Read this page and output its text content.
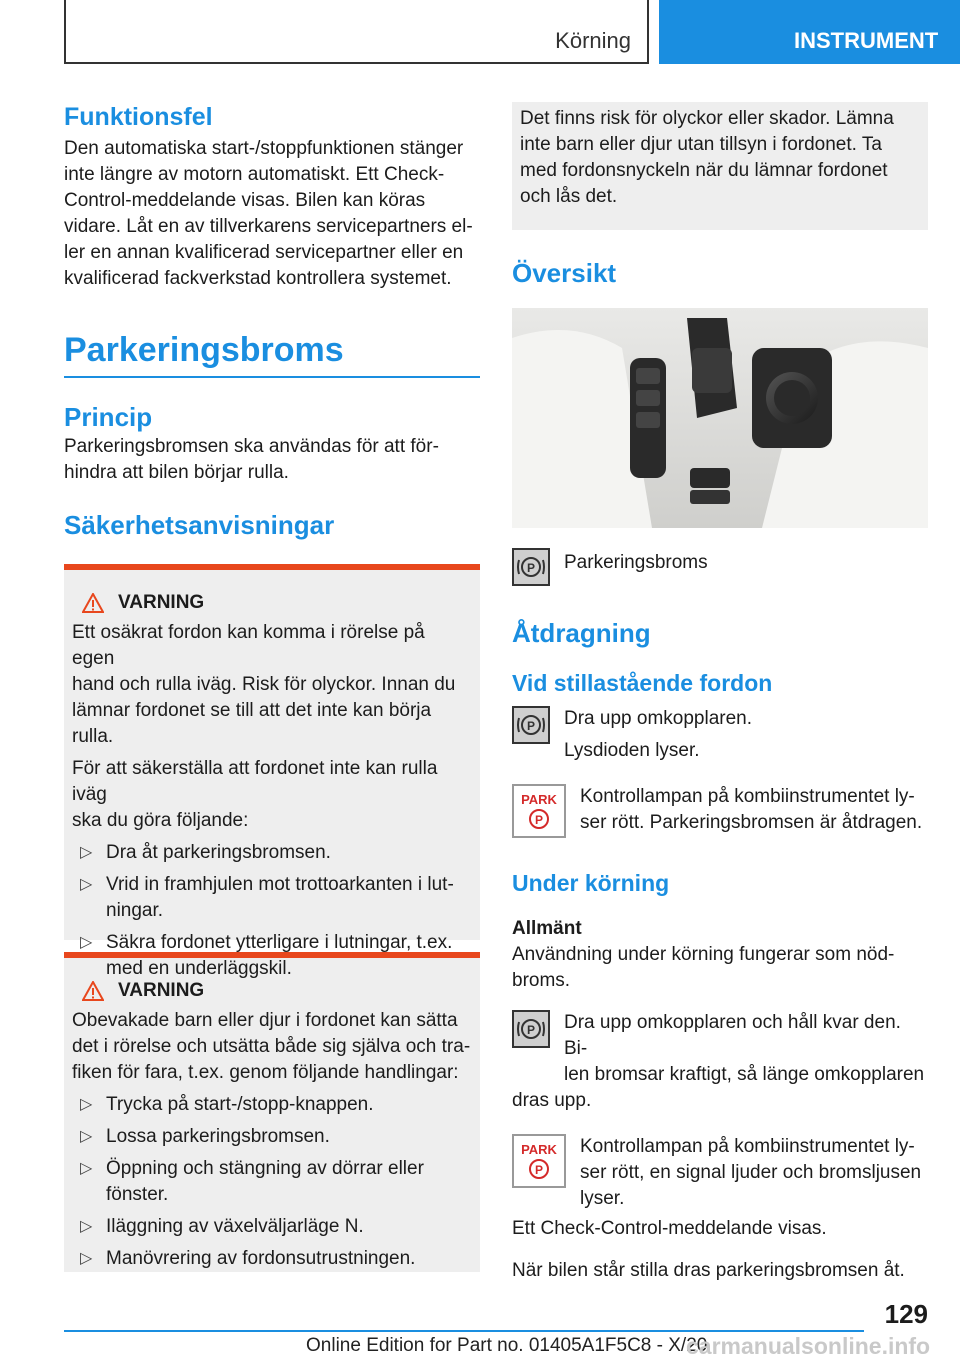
Körning	INSTRUMENT
Funktionsfel

Den automatiska start-/stoppfunktionen stänger

inte längre av motorn automatiskt. Ett Check-

Control-meddelande visas. Bilen kan köras

vidare. Låt en av tillverkarens servicepartners el-

ler en annan kvalificerad servicepartner eller en

kvalificerad fackverkstad kontrollera systemet.

Parkeringsbroms
Princip

Parkeringsbromsen ska användas för att för-

hindra att bilen börjar rulla.

Säkerhetsanvisningar
VARNING

Ett osäkrat fordon kan komma i rörelse på egen

hand och rulla iväg. Risk för olyckor. Innan du

lämnar fordonet se till att det inte kan börja

rulla.

För att säkerställa att fordonet inte kan rulla iväg

ska du göra följande:

▷ Dra åt parkeringsbromsen.
▷ Vrid in framhjulen mot trottoarkanten i lut-
ningar.
▷ Säkra fordonet ytterligare i lutningar, t.ex.
med en underläggskil.
VARNING

Obevakade barn eller djur i fordonet kan sätta

det i rörelse och utsätta både sig själva och tra-

fiken för fara, t.ex. genom följande handlingar:

▷ Trycka på start-/stopp-knappen.
▷ Lossa parkeringsbromsen.
▷ Öppning och stängning av dörrar eller
fönster.
▷ Iläggning av växelväljarläge N.
▷ Manövrering av fordonsutrustningen.

Det finns risk för olyckor eller skador. Lämna

inte barn eller djur utan tillsyn i fordonet. Ta

med fordonsnyckeln när du lämnar fordonet

och lås det.

Översikt
P Parkeringsbroms

Åtdragning
Vid stillastående fordon
P Dra upp omkopplaren.

Lysdioden lyser.

PARK
P

Kontrollampan på kombiinstrumentet ly-

ser rött. Parkeringsbromsen är åtdragen.

Under körning
Allmänt

Användning under körning fungerar som nöd-

broms.

P Dra upp omkopplaren och håll kvar den. Bi-

len bromsar kraftigt, så länge omkopplaren

dras upp.

PARK
P

Kontrollampan på kombiinstrumentet ly-

ser rött, en signal ljuder och bromsljusen

lyser.

Ett Check-Control-meddelande visas.

När bilen står stilla dras parkeringsbromsen åt.

129
Online Edition for Part no. 01405A1F5C8 - X/20
carmanualsonline.info
